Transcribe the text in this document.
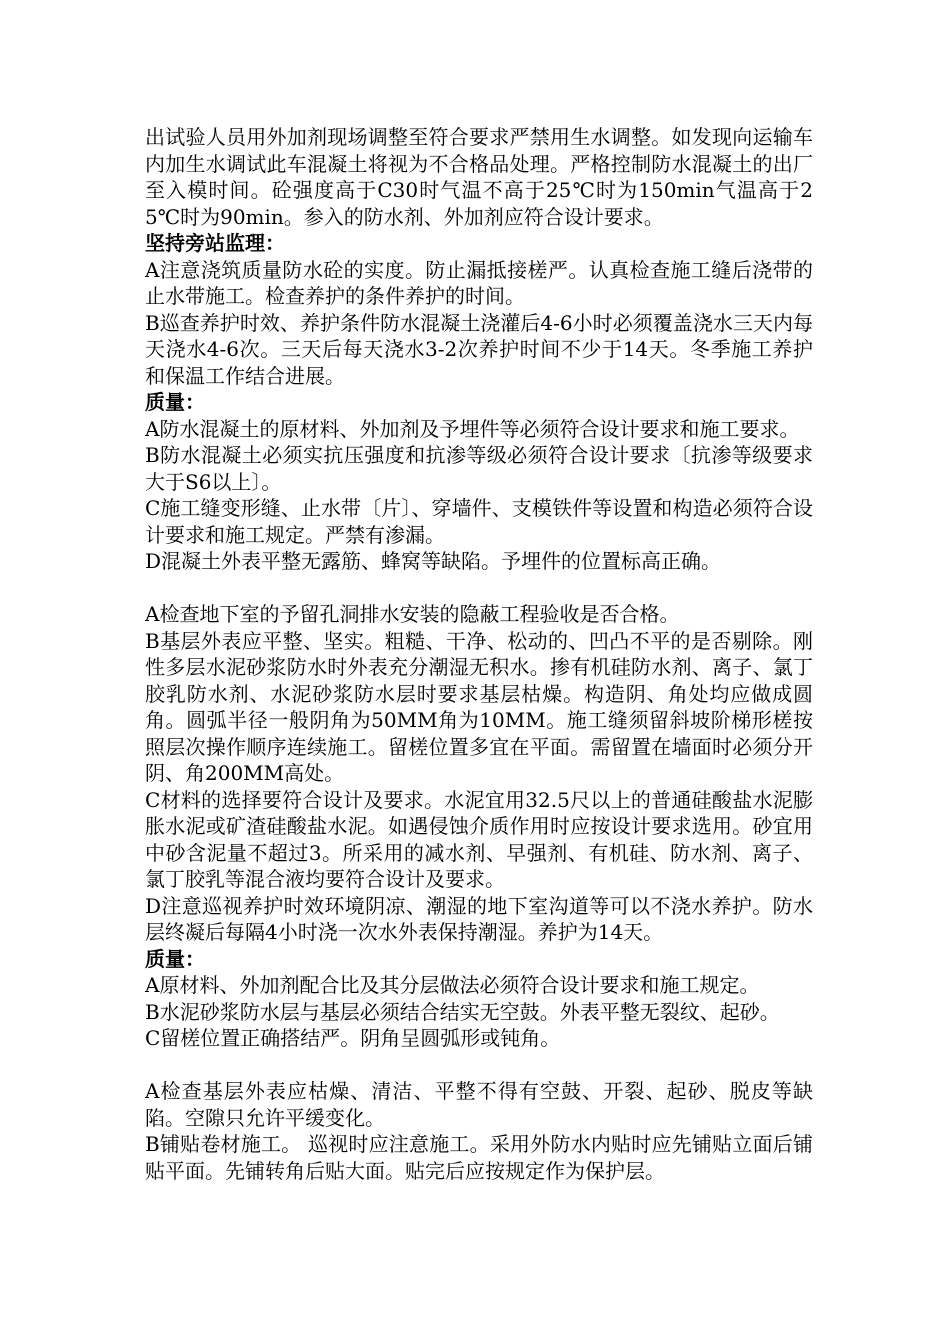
出试验人员用外加剂现场调整至符合要求严禁用生水调整。如发现向运输车内加生水调试此车混凝土将视为不合格品处理。严格控制防水混凝土的出厂至入模时间。砼强度高于C30时气温不高于25℃时为150min气温高于25℃时为90min。参入的防水剂、外加剂应符合设计要求。

坚持旁站监理：

A注意浇筑质量防水砼的实度。防止漏抵接槎严。认真检查施工缝后浇带的止水带施工。检查养护的条件养护的时间。

B巡查养护时效、养护条件防水混凝土浇灌后4-6小时必须覆盖浇水三天内每天浇水4-6次。三天后每天浇水3-2次养护时间不少于14天。冬季施工养护和保温工作结合进展。

质量：

A防水混凝土的原材料、外加剂及予埋件等必须符合设计要求和施工要求。

B防水混凝土必须实抗压强度和抗渗等级必须符合设计要求〔抗渗等级要求大于S6以上〕。

C施工缝变形缝、止水带〔片〕、穿墙件、支模铁件等设置和构造必须符合设计要求和施工规定。严禁有渗漏。

D混凝土外表平整无露筋、蜂窝等缺陷。予埋件的位置标高正确。

A检查地下室的予留孔洞排水安装的隐蔽工程验收是否合格。

B基层外表应平整、坚实。粗糙、干净、松动的、凹凸不平的是否剔除。刚性多层水泥砂浆防水时外表充分潮湿无积水。掺有机硅防水剂、离子、氯丁胶乳防水剂、水泥砂浆防水层时要求基层枯燥。构造阴、角处均应做成圆角。圆弧半径一般阴角为50MM角为10MM。施工缝须留斜坡阶梯形槎按照层次操作顺序连续施工。留槎位置多宜在平面。需留置在墙面时必须分开阴、角200MM高处。

C材料的选择要符合设计及要求。水泥宜用32.5尺以上的普通硅酸盐水泥膨胀水泥或矿渣硅酸盐水泥。如遇侵蚀介质作用时应按设计要求选用。砂宜用中砂含泥量不超过3。所采用的减水剂、早强剂、有机硅、防水剂、离子、氯丁胶乳等混合液均要符合设计及要求。

D注意巡视养护时效环境阴凉、潮湿的地下室沟道等可以不浇水养护。防水层终凝后每隔4小时浇一次水外表保持潮湿。养护为14天。

质量：

A原材料、外加剂配合比及其分层做法必须符合设计要求和施工规定。

B水泥砂浆防水层与基层必须结合结实无空鼓。外表平整无裂纹、起砂。

C留槎位置正确搭结严。阴角呈圆弧形或钝角。

A检查基层外表应枯燥、清洁、平整不得有空鼓、开裂、起砂、脱皮等缺陷。空隙只允许平缓变化。

B铺贴卷材施工。 巡视时应注意施工。采用外防水内贴时应先铺贴立面后铺贴平面。先铺转角后贴大面。贴完后应按规定作为保护层。
